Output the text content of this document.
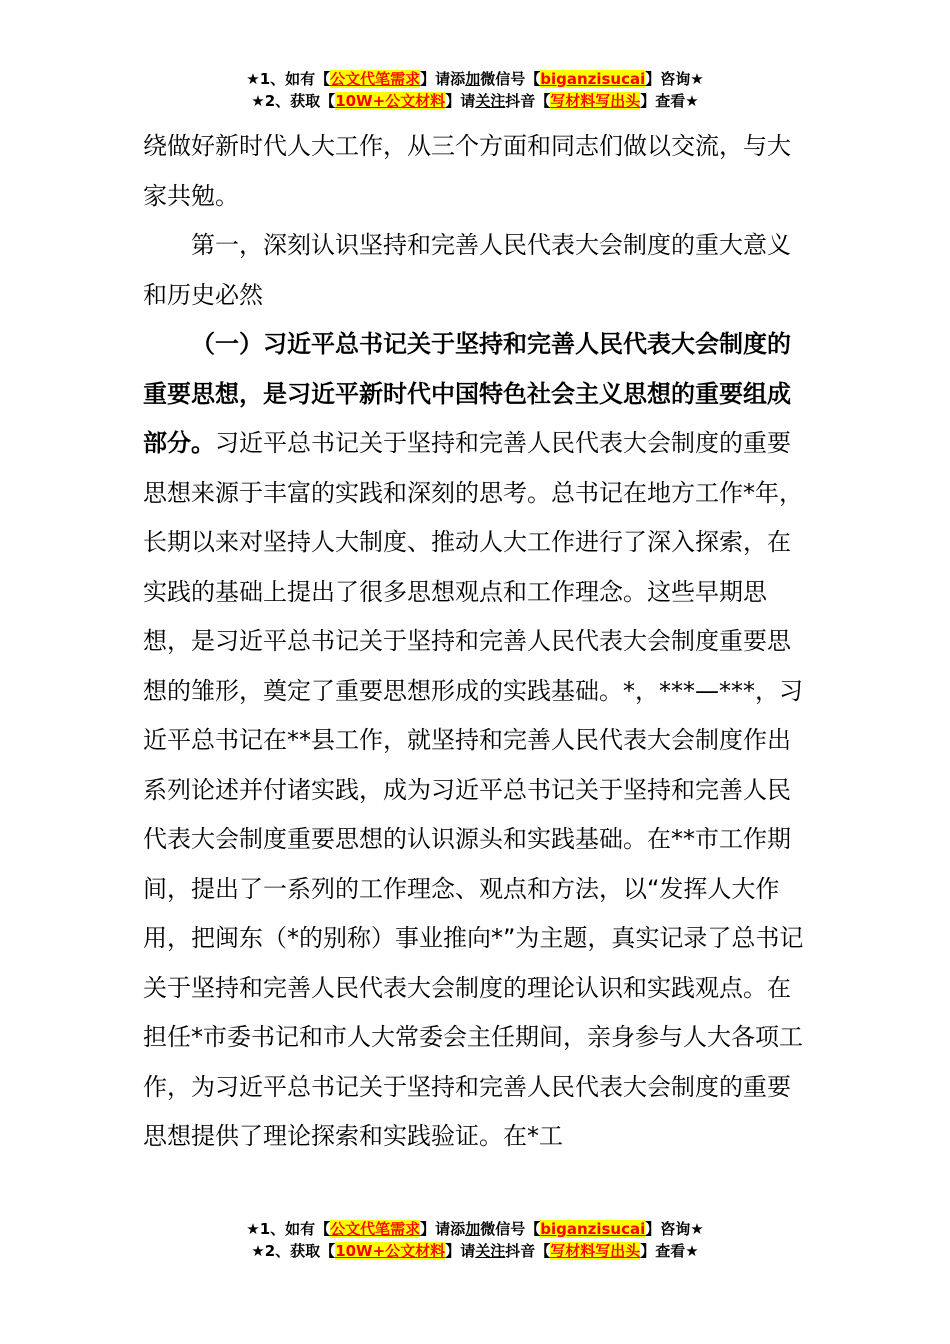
★1、如有【公文代笔需求】请添加微信号【biganzisucai】咨询★
★2、获取【10W+公文材料】请关注抖音【写材料写出头】查看★

绕做好新时代人大工作，从三个方面和同志们做以交流，与大家共勉。

第一，深刻认识坚持和完善人民代表大会制度的重大意义和历史必然

（一）习近平总书记关于坚持和完善人民代表大会制度的重要思想，是习近平新时代中国特色社会主义思想的重要组成部分。习近平总书记关于坚持和完善人民代表大会制度的重要思想来源于丰富的实践和深刻的思考。总书记在地方工作*年，长期以来对坚持人大制度、推动人大工作进行了深入探索，在实践的基础上提出了很多思想观点和工作理念。这些早期思想，是习近平总书记关于坚持和完善人民代表大会制度重要思想的雏形，奠定了重要思想形成的实践基础。*，***—***，习近平总书记在**县工作，就坚持和完善人民代表大会制度作出系列论述并付诸实践，成为习近平总书记关于坚持和完善人民代表大会制度重要思想的认识源头和实践基础。在**市工作期间，提出了一系列的工作理念、观点和方法，以“发挥人大作用，把闽东（*的别称）事业推向*”为主题，真实记录了总书记关于坚持和完善人民代表大会制度的理论认识和实践观点。在担任*市委书记和市人大常委会主任期间，亲身参与人大各项工作，为习近平总书记关于坚持和完善人民代表大会制度的重要思想提供了理论探索和实践验证。在*工

★1、如有【公文代笔需求】请添加微信号【biganzisucai】咨询★
★2、获取【10W+公文材料】请关注抖音【写材料写出头】查看★
